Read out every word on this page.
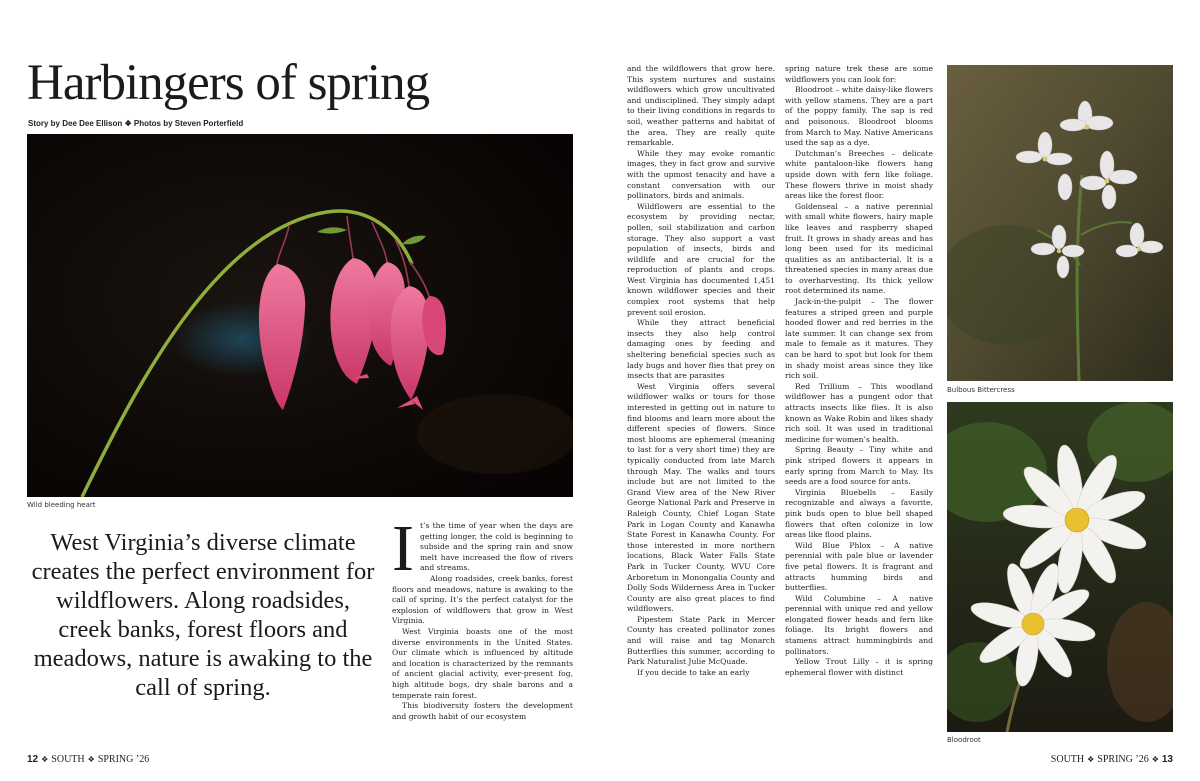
Harbingers of spring
Story by Dee Dee Ellison ❖ Photos by Steven Porterfield
Wild bleeding heart

West Virginia’s diverse climate creates the perfect environment for wildflowers. Along roadsides, creek banks, forest floors and meadows, nature is awaking to the call of spring.

I t’s the time of year when the days are getting longer, the cold is beginning to subside and the spring rain and snow melt have increased the flow of rivers and streams.

Along roadsides, creek banks, forest floors and meadows, nature is awaking to the call of spring. It’s the perfect catalyst for the explosion of wildflowers that grow in West Virginia.

West Virginia boasts one of the most diverse environments in the United States. Our climate which is influenced by altitude and location is characterized by the remnants of ancient glacial activity, ever-present fog, high altitude bogs, dry shale barons and a temperate rain forest.

This biodiversity fosters the development and growth habit of our ecosystem

and the wildflowers that grow here. This system nurtures and sustains wildflowers which grow uncultivated and undisciplined. They simply adapt to their living conditions in regards to soil, weather patterns and habitat of the area. They are really quite remarkable.

While they may evoke romantic images, they in fact grow and survive with the upmost tenacity and have a constant conversation with our pollinators, birds and animals.

Wildflowers are essential to the ecosystem by providing nectar, pollen, soil stabilization and carbon storage. They also support a vast population of insects, birds and wildlife and are crucial for the reproduction of plants and crops. West Virginia has documented 1,451 known wildflower species and their complex root systems that help prevent soil erosion.

While they attract beneficial insects they also help control damaging ones by feeding and sheltering beneficial species such as lady bugs and hover flies that prey on insects that are parasites

West Virginia offers several wildflower walks or tours for those interested in getting out in nature to find blooms and learn more about the different species of flowers. Since most blooms are ephemeral (meaning to last for a very short time) they are typically conducted from late March through May. The walks and tours include but are not limited to the Grand View area of the New River George National Park and Preserve in Raleigh County, Chief Logan State Park in Logan County and Kanawha State Forest in Kanawha County. For those interested in more northern locations, Black Water Falls State Park in Tucker County, WVU Core Arboretum in Monongalia County and Dolly Sods Wilderness Area in Tucker County are also great places to find wildflowers.

Pipestem State Park in Mercer County has created pollinator zones and will raise and tag Monarch Butterflies this summer, according to Park Naturalist Julie McQuade.

If you decide to take an early

spring nature trek these are some wildflowers you can look for:

Bloodroot – white daisy-like flowers with yellow stamens. They are a part of the poppy family. The sap is red and poisonous. Bloodroot blooms from March to May. Native Americans used the sap as a dye.

Dutchman’s Breeches – delicate white pantaloon-like flowers hang upside down with fern like foliage. These flowers thrive in moist shady areas like the forest floor.

Goldenseal – a native perennial with small white flowers, hairy maple like leaves and raspberry shaped fruit. It grows in shady areas and has long been used for its medicinal qualities as an antibacterial. It is a threatened species in many areas due to overharvesting. Its thick yellow root determined its name.

Jack-in-the-pulpit – The flower features a striped green and purple hooded flower and red berries in the late summer. It can change sex from male to female as it matures. They can be hard to spot but look for them in shady moist areas since they like rich soil.

Red Trillium – This woodland wildflower has a pungent odor that attracts insects like flies. It is also known as Wake Robin and likes shady rich soil. It was used in traditional medicine for women’s health.

Spring Beauty – Tiny white and pink striped flowers it appears in early spring from March to May. Its seeds are a food source for ants.

Virginia Bluebells – Easily recognizable and always a favorite, pink buds open to blue bell shaped flowers that often colonize in low areas like flood plains.

Wild Blue Phlox – A native perennial with pale blue or lavender five petal flowers. It is fragrant and attracts humming birds and butterflies.

Wild Columbine – A native perennial with unique red and yellow elongated flower heads and fern like foliage. Its bright flowers and stamens attract hummingbirds and pollinators.

Yellow Trout Lilly – it is spring ephemeral flower with distinct

Bulbous Bittercress
Bloodroot
12 ❖ SOUTH ❖ SPRING ’26	SOUTH ❖ SPRING ’26 ❖ 13
